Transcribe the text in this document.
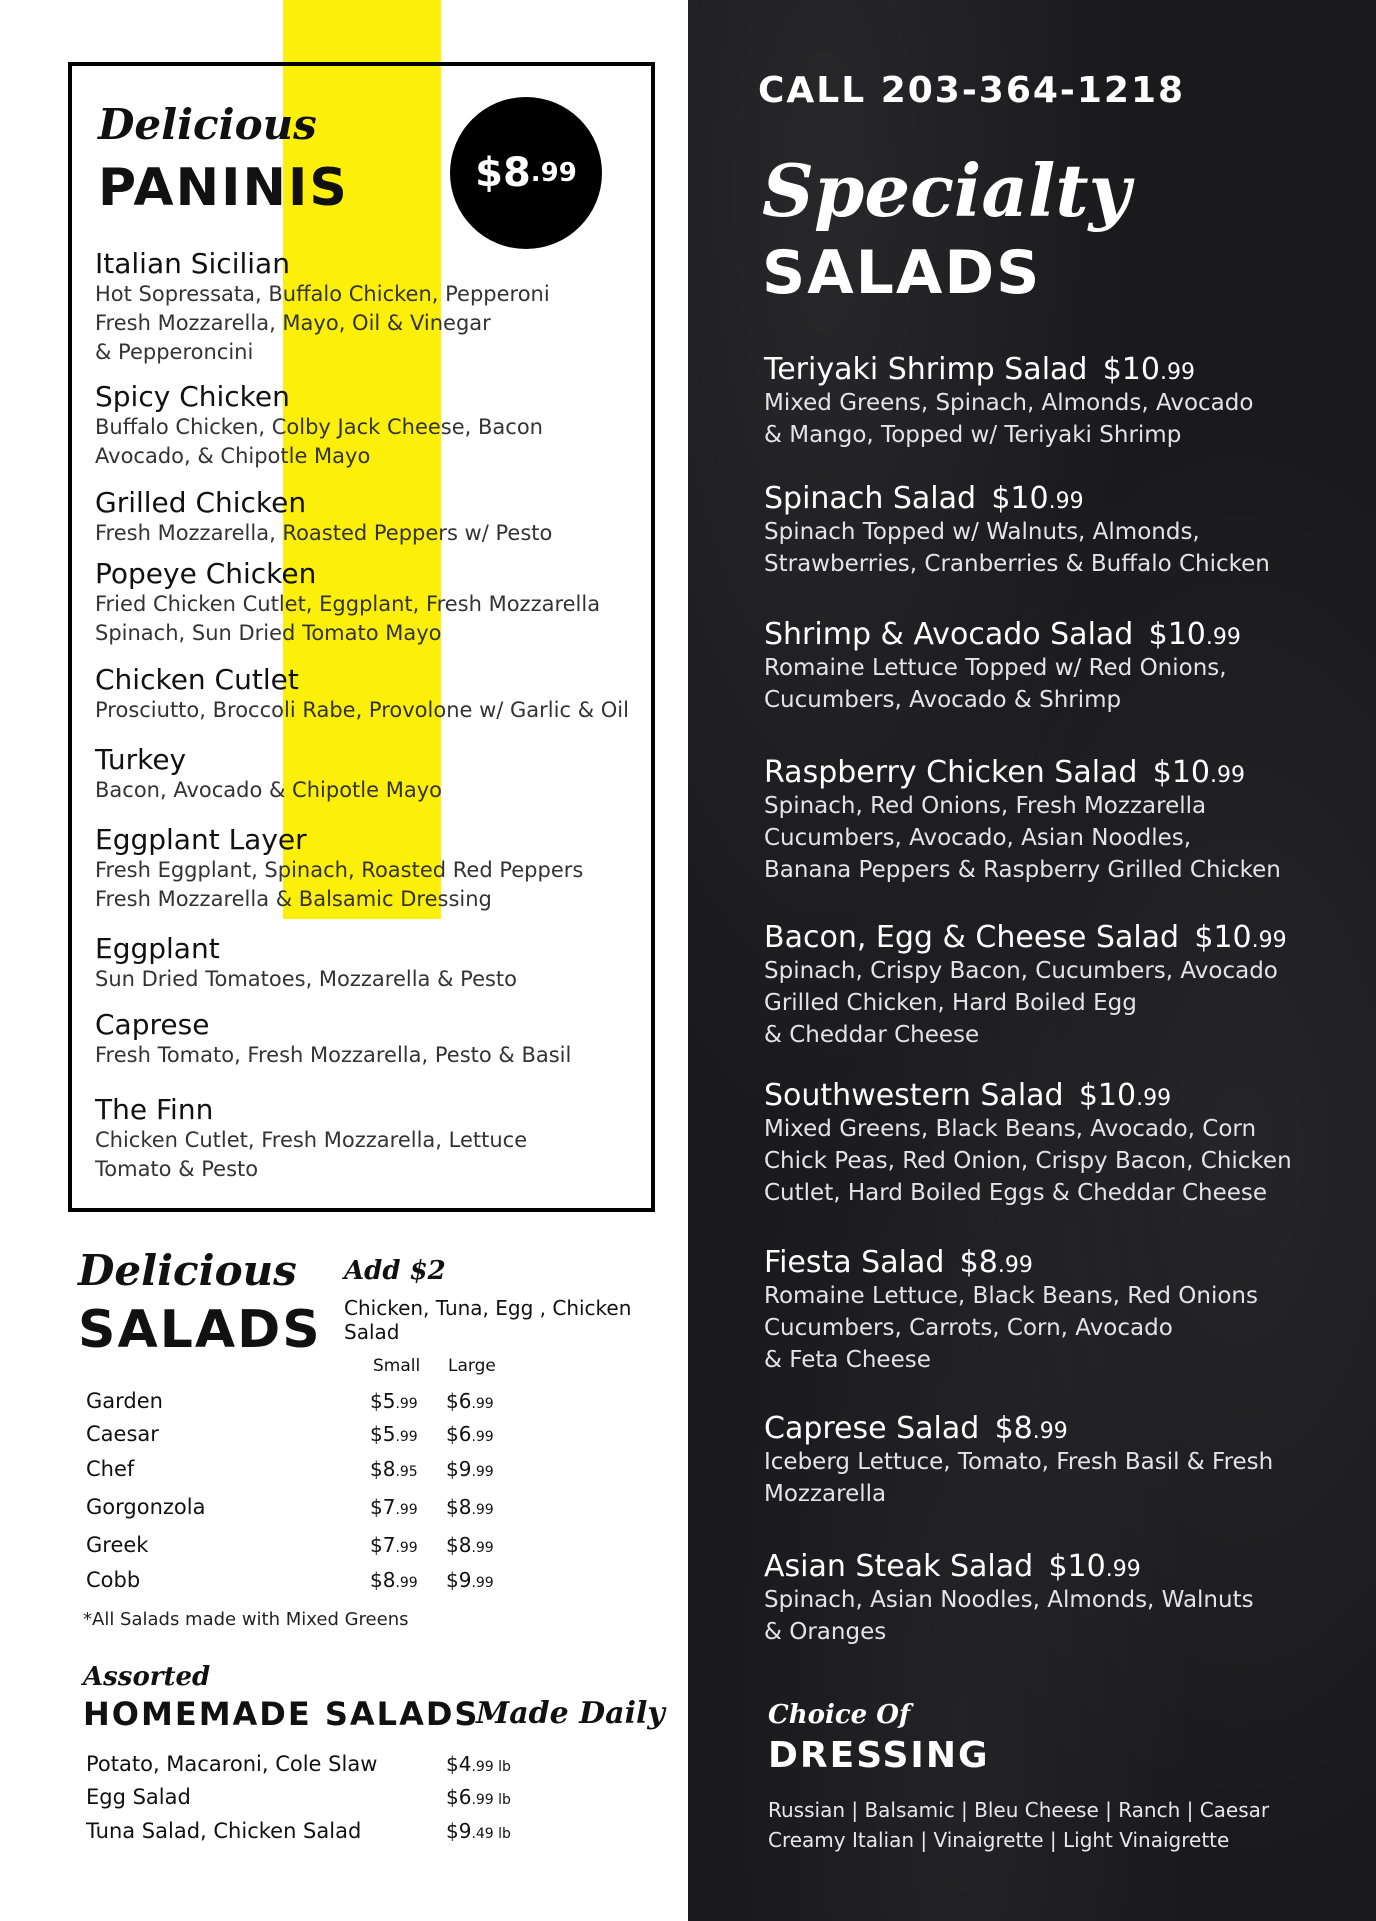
Delicious
PANINIS	$8 .99
Italian Sicilian
Hot Sopressata, Buffalo Chicken, Pepperoni
Fresh Mozzarella, Mayo, Oil & Vinegar
& Pepperoncini
Spicy Chicken
Buffalo Chicken, Colby Jack Cheese, Bacon
Avocado, & Chipotle Mayo
Grilled Chicken
Fresh Mozzarella, Roasted Peppers w/ Pesto
Popeye Chicken
Fried Chicken Cutlet, Eggplant, Fresh Mozzarella
Spinach, Sun Dried Tomato Mayo
Chicken Cutlet
Prosciutto, Broccoli Rabe, Provolone w/ Garlic & Oil
Turkey
Bacon, Avocado & Chipotle Mayo
Eggplant Layer
Fresh Eggplant, Spinach, Roasted Red Peppers
Fresh Mozzarella & Balsamic Dressing
Eggplant
Sun Dried Tomatoes, Mozzarella & Pesto
Caprese
Fresh Tomato, Fresh Mozzarella, Pesto & Basil
The Finn
Chicken Cutlet, Fresh Mozzarella, Lettuce
Tomato & Pesto
Delicious
SALADS
Add $2
Chicken, Tuna, Egg , Chicken Salad
Small Large
Garden	$5.99 $6.99
Caesar	$5.99 $6.99
Chef	$8.95 $9.99
Gorgonzola	$7.99 $8.99
Greek	$7.99 $8.99
Cobb	$8.99 $9.99
*All Salads made with Mixed Greens
Assorted
HOMEMADE SALADS
Made Daily
Potato, Macaroni, Cole Slaw	$4.99 lb
Egg Salad	$6.99 lb
Tuna Salad, Chicken Salad	$9.49 lb
CALL 203-364-1218
Specialty
SALADS
Teriyaki Shrimp Salad $10.99
Mixed Greens, Spinach, Almonds, Avocado
& Mango, Topped w/ Teriyaki Shrimp
Spinach Salad $10.99
Spinach Topped w/ Walnuts, Almonds,
Strawberries, Cranberries & Buffalo Chicken
Shrimp & Avocado Salad $10.99
Romaine Lettuce Topped w/ Red Onions,
Cucumbers, Avocado & Shrimp
Raspberry Chicken Salad $10.99
Spinach, Red Onions, Fresh Mozzarella
Cucumbers, Avocado, Asian Noodles,
Banana Peppers & Raspberry Grilled Chicken
Bacon, Egg & Cheese Salad $10.99
Spinach, Crispy Bacon, Cucumbers, Avocado
Grilled Chicken, Hard Boiled Egg
& Cheddar Cheese
Southwestern Salad $10.99
Mixed Greens, Black Beans, Avocado, Corn
Chick Peas, Red Onion, Crispy Bacon, Chicken
Cutlet, Hard Boiled Eggs & Cheddar Cheese
Fiesta Salad $8.99
Romaine Lettuce, Black Beans, Red Onions
Cucumbers, Carrots, Corn, Avocado
& Feta Cheese
Caprese Salad $8.99
Iceberg Lettuce, Tomato, Fresh Basil & Fresh
Mozzarella
Asian Steak Salad $10.99
Spinach, Asian Noodles, Almonds, Walnuts
& Oranges
Choice Of
DRESSING
Russian | Balsamic | Bleu Cheese | Ranch | Caesar
Creamy Italian | Vinaigrette | Light Vinaigrette
